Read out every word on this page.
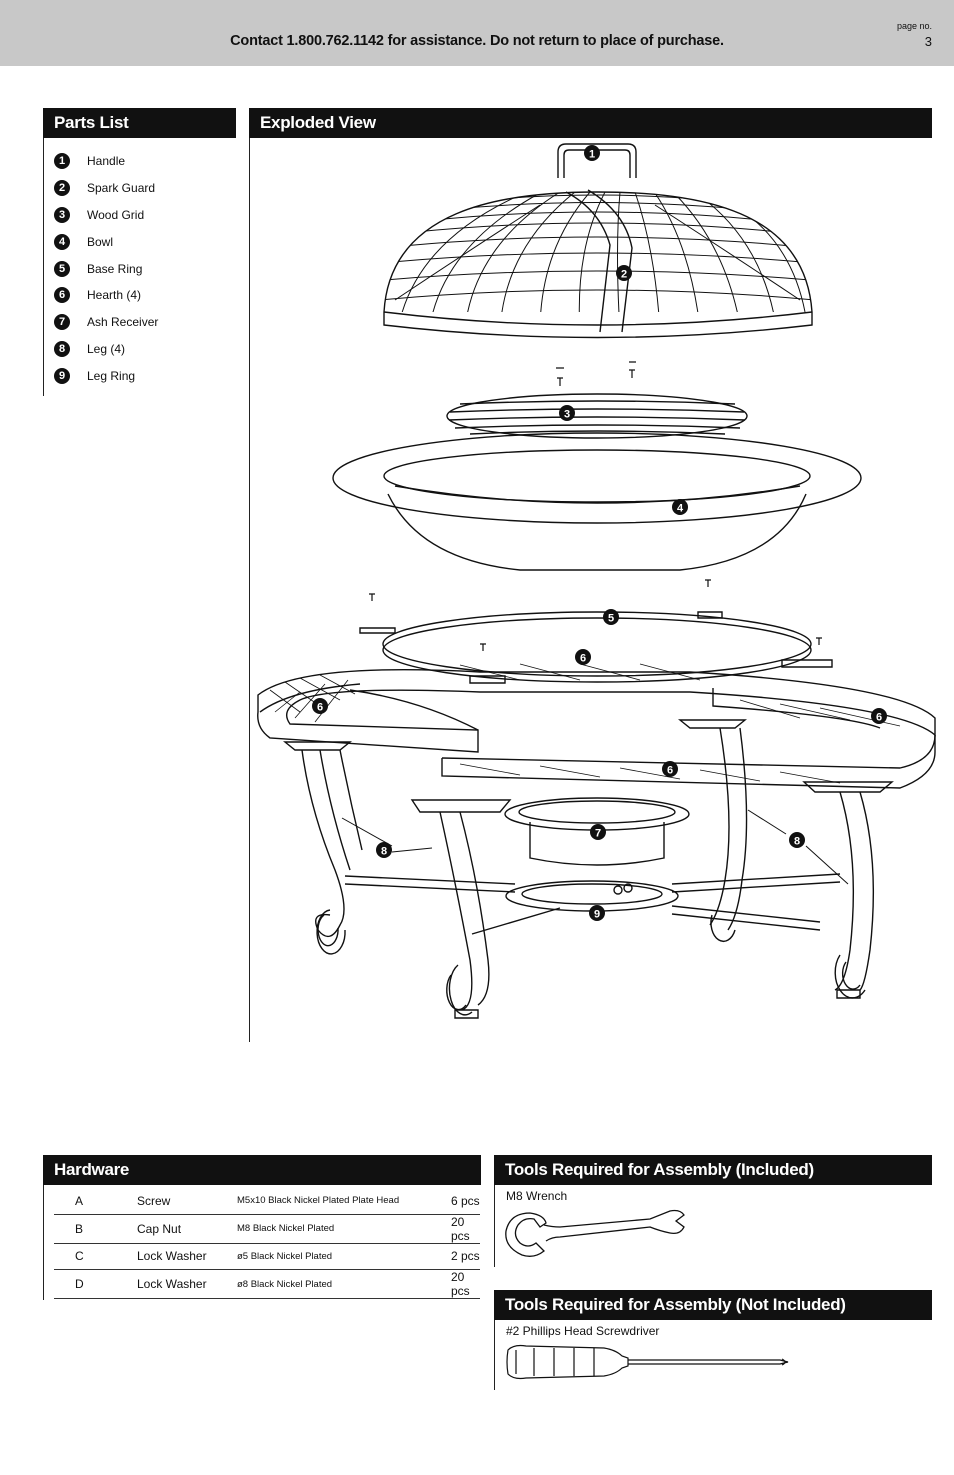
Contact 1.800.762.1142 for assistance. Do not return to place of purchase.
page no.
3
Parts List
1	Handle
2	Spark Guard
3	Wood Grid
4	Bowl
5	Base Ring
6	Hearth (4)
7	Ash Receiver
8	Leg (4)
9	Leg Ring
Exploded View
1
2
3
4
5
6
6
6
6
7
8
8
9
Hardware
A	Screw	M5x10 Black Nickel Plated Plate Head	6 pcs
B	Cap Nut	M8 Black Nickel Plated	20 pcs
C	Lock Washer	ø5 Black Nickel Plated	2 pcs
D	Lock Washer	ø8 Black Nickel Plated	20 pcs
Tools Required for Assembly (Included)
M8 Wrench
Tools Required for Assembly (Not Included)
#2 Phillips Head Screwdriver
